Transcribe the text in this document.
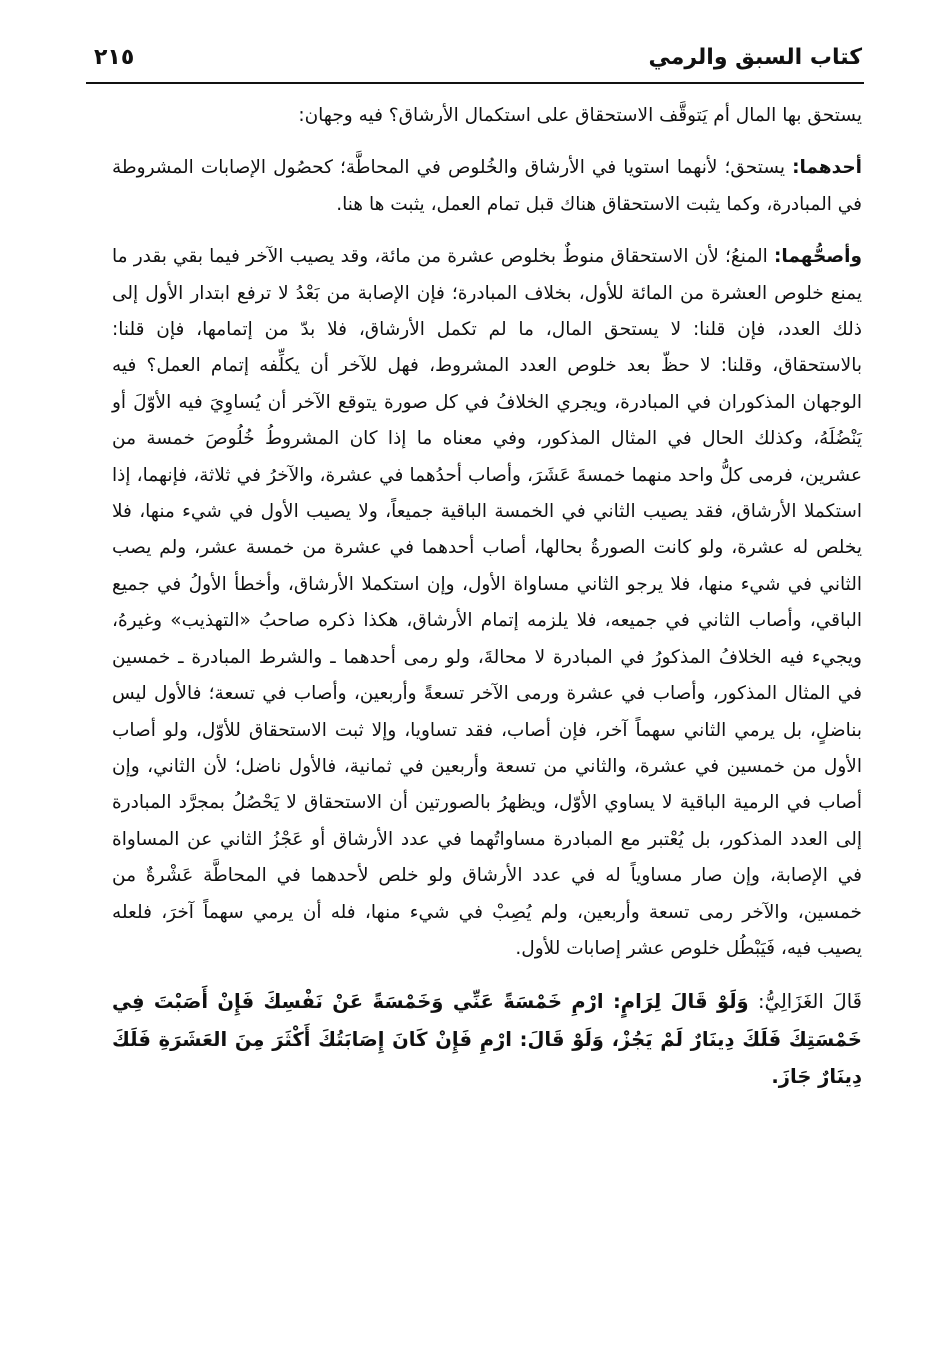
كتاب السبق والرمي
٢١٥

يستحق بها المال أم يَتوقَّف الاستحقاق على استكمال الأرشاق؟ فيه وجهان:

أحدهما: يستحق؛ لأنهما استويا في الأرشاق والخُلوص في المحاطَّة؛ كحصُول الإصابات المشروطة في المبادرة، وكما يثبت الاستحقاق هناك قبل تمام العمل، يثبت ها هنا.

وأصحُّهما: المنعُ؛ لأن الاستحقاق منوطٌ بخلوص عشرة من مائة، وقد يصيب الآخر فيما بقي بقدر ما يمنع خلوص العشرة من المائة للأول، بخلاف المبادرة؛ فإن الإصابة من بَعْدُ لا ترفع ابتدار الأول إلى ذلك العدد، فإن قلنا: لا يستحق المال، ما لم تكمل الأرشاق، فلا بدّ من إتمامها، فإن قلنا: بالاستحقاق، وقلنا: لا حظّ بعد خلوص العدد المشروط، فهل للآخر أن يكلِّفه إتمام العمل؟ فيه الوجهان المذكوران في المبادرة، ويجري الخلافُ في كل صورة يتوقع الآخر أن يُساوِيَ فيه الأوّلَ أو يَنْضُلَهُ، وكذلك الحال في المثال المذكور، وفي معناه ما إذا كان المشروطُ خُلُوصَ خمسة من عشرين، فرمى كلُّ واحد منهما خمسةَ عَشَرَ، وأصاب أحدُهما في عشرة، والآخرُ في ثلاثة، فإنهما، إذا استكملا الأرشاق، فقد يصيب الثاني في الخمسة الباقية جميعاً، ولا يصيب الأول في شيء منها، فلا يخلص له عشرة، ولو كانت الصورةُ بحالها، أصاب أحدهما في عشرة من خمسة عشر، ولم يصب الثاني في شيء منها، فلا يرجو الثاني مساواة الأول، وإن استكملا الأرشاق، وأخطأ الأولُ في جميع الباقي، وأصاب الثاني في جميعه، فلا يلزمه إتمام الأرشاق، هكذا ذكره صاحبُ «التهذيب» وغيرهُ، ويجيء فيه الخلافُ المذكورُ في المبادرة لا محالةَ، ولو رمى أحدهما ـ والشرط المبادرة ـ خمسين في المثال المذكور، وأصاب في عشرة ورمى الآخر تسعةً وأربعين، وأصاب في تسعة؛ فالأول ليس بناضلٍ، بل يرمي الثاني سهماً آخر، فإن أصاب، فقد تساويا، وإلا ثبت الاستحقاق للأوّل، ولو أصاب الأول من خمسين في عشرة، والثاني من تسعة وأربعين في ثمانية، فالأول ناضل؛ لأن الثاني، وإن أصاب في الرمية الباقية لا يساوي الأوّل، ويظهرُ بالصورتين أن الاستحقاق لا يَحْصُلُ بمجرَّد المبادرة إلى العدد المذكور، بل يُعْتبر مع المبادرة مساواتُهما في عدد الأرشاق أو عَجْزُ الثاني عن المساواة في الإصابة، وإن صار مساوياً له في عدد الأرشاق ولو خلص لأحدهما في المحاطَّة عَشْرةٌ من خمسين، والآخر رمى تسعة وأربعين، ولم يُصِبْ في شيء منها، فله أن يرمي سهماً آخرَ، فلعله يصيب فيه، فَيَبْطُل خلوص عشر إصابات للأول.

قَالَ الغَزَالِيُّ: وَلَوْ قَالَ لِرَامٍ: ارْمِ خَمْسَةً عَنِّي وَخَمْسَةً عَنْ نَفْسِكَ فَإِنْ أَصَبْتَ فِي خَمْسَتِكَ فَلَكَ دِينَارٌ لَمْ يَجُزْ، وَلَوْ قَالَ: ارْمِ فَإِنْ كَانَ إِصَابَتُكَ أَكْثَرَ مِنَ العَشَرَةِ فَلَكَ دِينَارٌ جَازَ.
